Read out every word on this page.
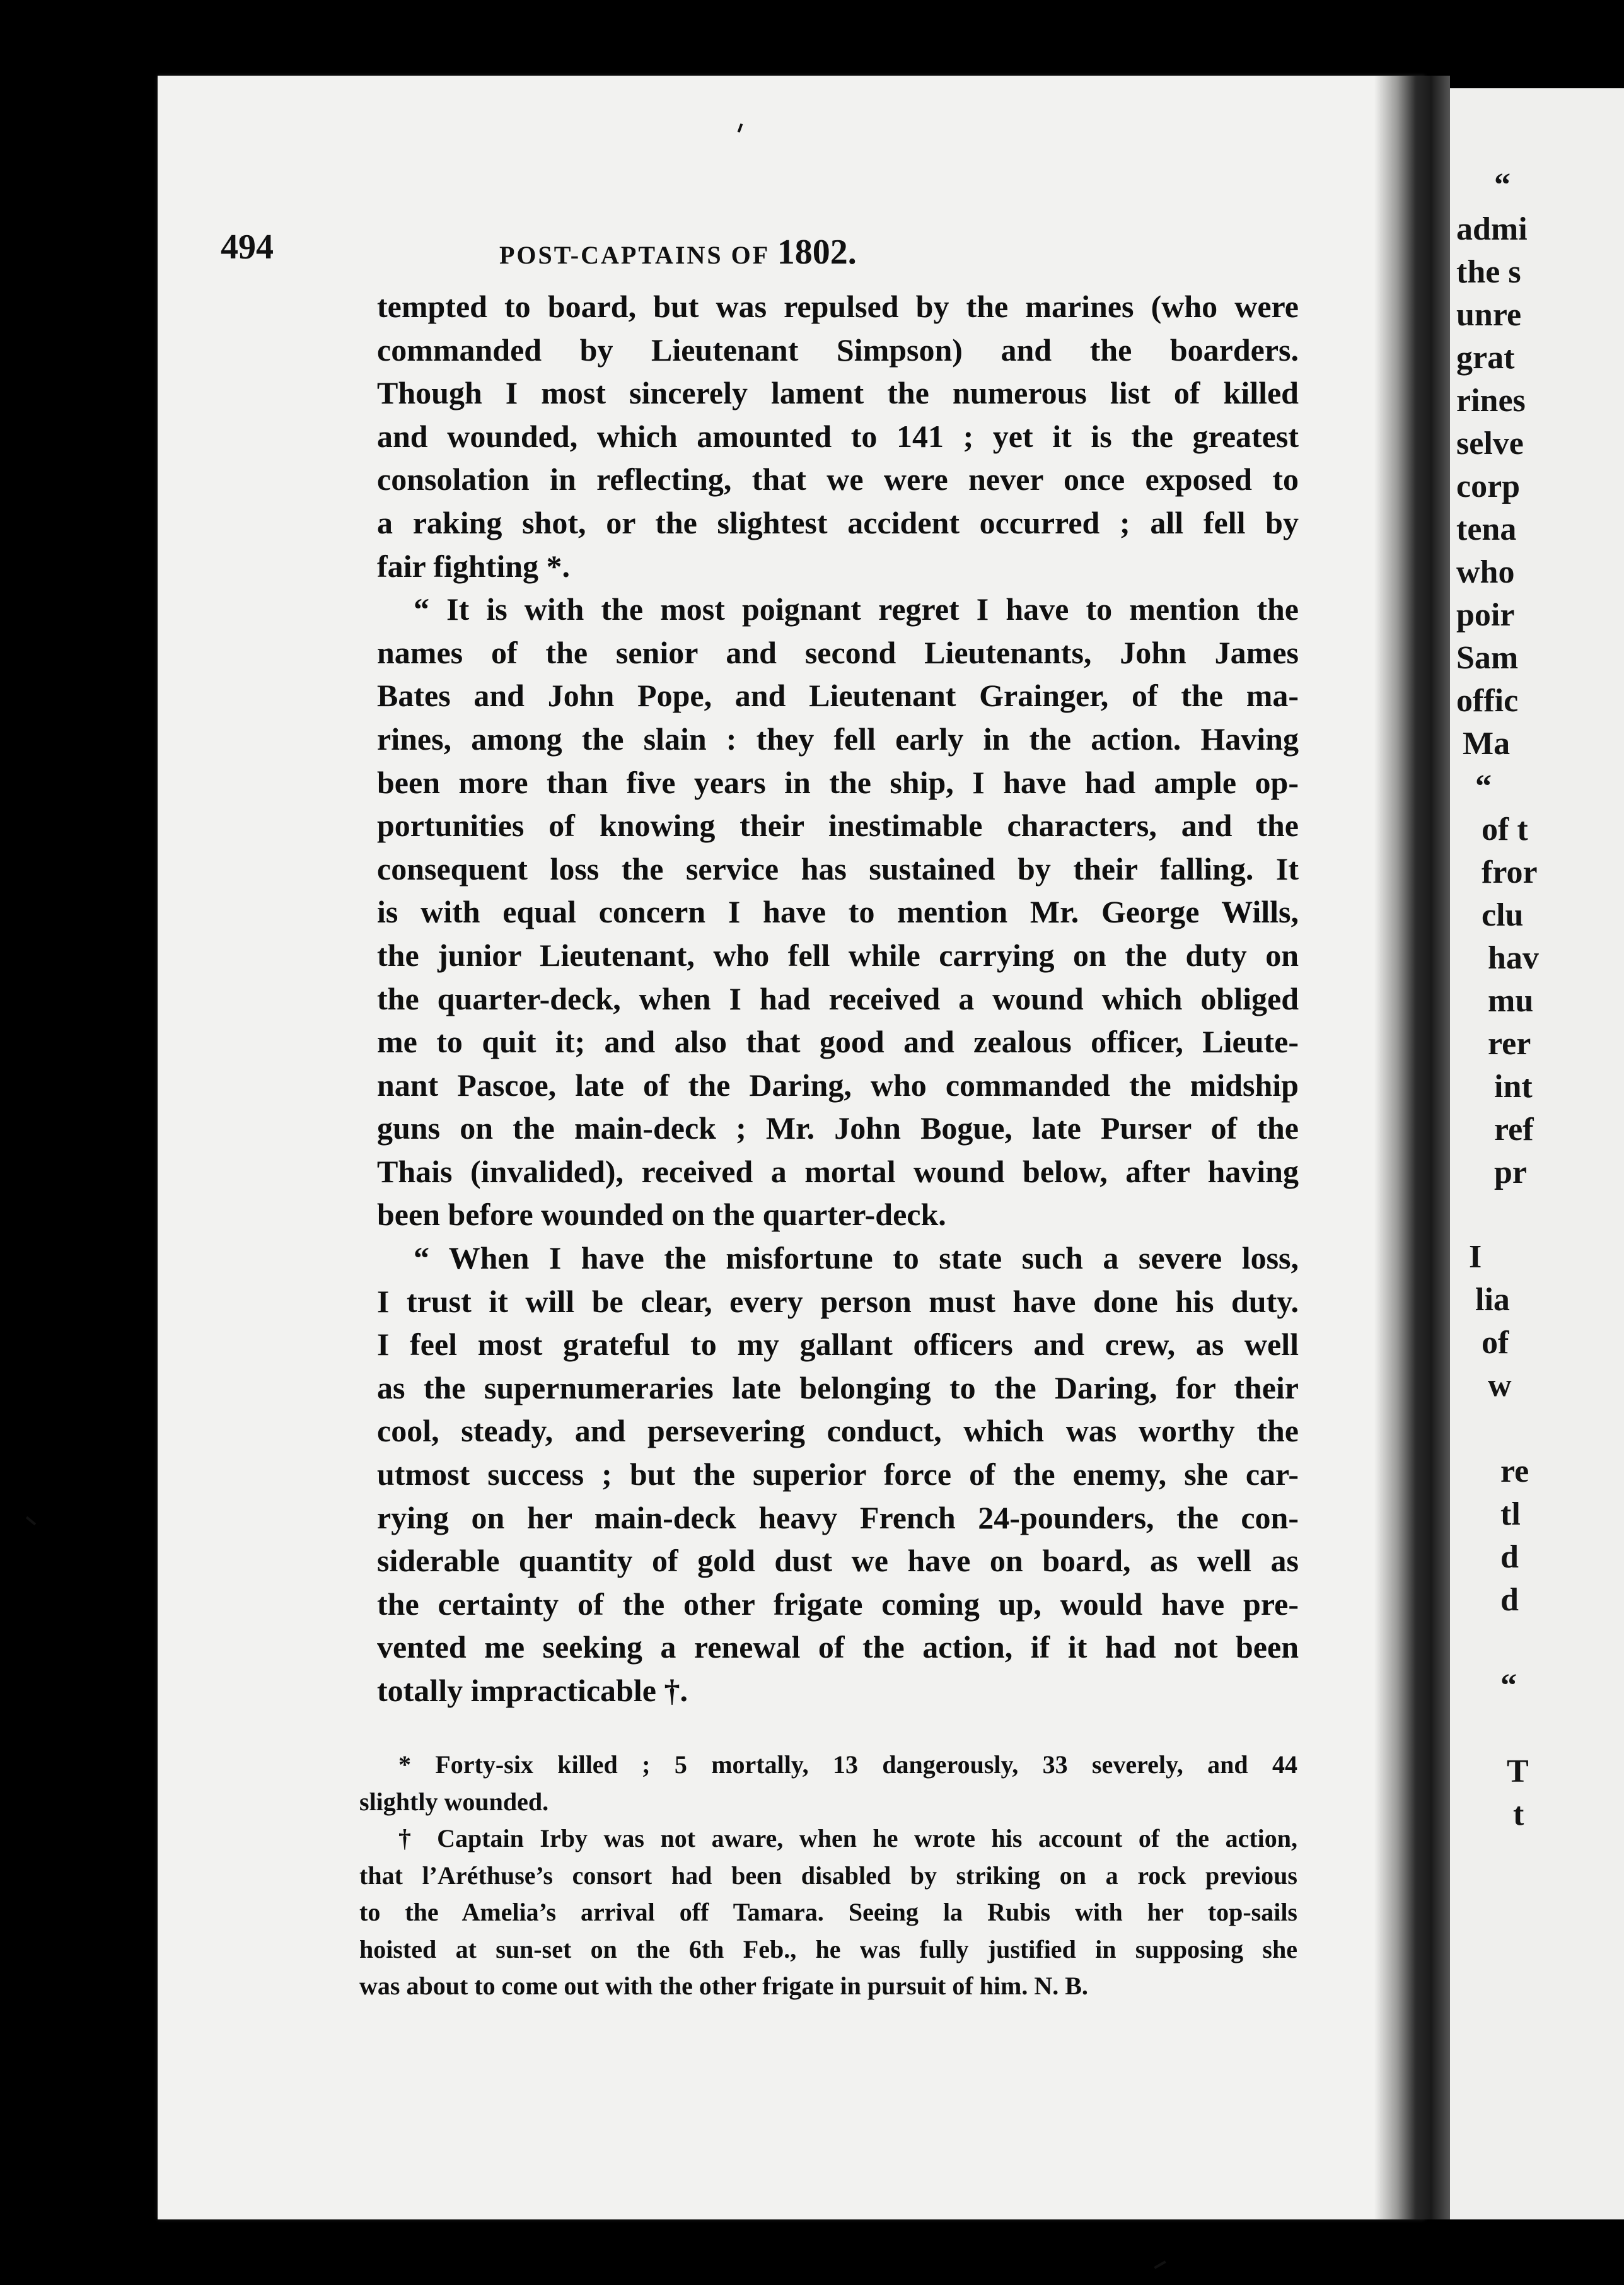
“
admi
the s
unre
grat
rines
selve
corp
tena
who
poir
Sam
offic
Ma
“
of t
fror
clu
hav
mu
rer
int
ref
pr
I
lia
of
w
re
tl
d
d
“
T
t
494	POST-CAPTAINS OF 1802.
tempted to board, but was repulsed by the marines (who were
commanded by Lieutenant Simpson) and the boarders.
Though I most sincerely lament the numerous list of killed
and wounded, which amounted to 141 ; yet it is the greatest
consolation in reflecting, that we were never once exposed to
a raking shot, or the slightest accident occurred ; all fell by
fair fighting *.
“ It is with the most poignant regret I have to mention the
names of the senior and second Lieutenants, John James
Bates and John Pope, and Lieutenant Grainger, of the ma-
rines, among the slain : they fell early in the action. Having
been more than five years in the ship, I have had ample op-
portunities of knowing their inestimable characters, and the
consequent loss the service has sustained by their falling. It
is with equal concern I have to mention Mr. George Wills,
the junior Lieutenant, who fell while carrying on the duty on
the quarter-deck, when I had received a wound which obliged
me to quit it; and also that good and zealous officer, Lieute-
nant Pascoe, late of the Daring, who commanded the midship
guns on the main-deck ; Mr. John Bogue, late Purser of the
Thais (invalided), received a mortal wound below, after having
been before wounded on the quarter-deck.
“ When I have the misfortune to state such a severe loss,
I trust it will be clear, every person must have done his duty.
I feel most grateful to my gallant officers and crew, as well
as the supernumeraries late belonging to the Daring, for their
cool, steady, and persevering conduct, which was worthy the
utmost success ; but the superior force of the enemy, she car-
rying on her main-deck heavy French 24-pounders, the con-
siderable quantity of gold dust we have on board, as well as
the certainty of the other frigate coming up, would have pre-
vented me seeking a renewal of the action, if it had not been
totally impracticable †.
* Forty-six killed ; 5 mortally, 13 dangerously, 33 severely, and 44
slightly wounded.
† Captain Irby was not aware, when he wrote his account of the action,
that l’Aréthuse’s consort had been disabled by striking on a rock previous
to the Amelia’s arrival off Tamara. Seeing la Rubis with her top-sails
hoisted at sun-set on the 6th Feb., he was fully justified in supposing she
was about to come out with the other frigate in pursuit of him. N. B.
